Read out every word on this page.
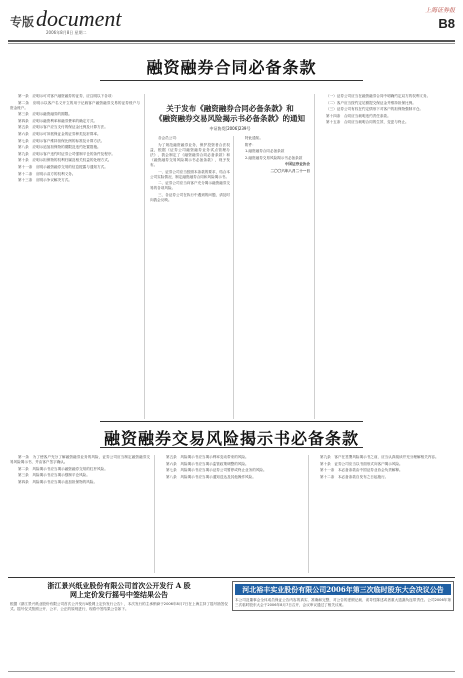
专版document
2006年8月8日 星期二
上海证券报
B8
融资融券合同必备条款

第一条　应明示可对客户融资融券的证券，应注明以下各项：

第二条　应明示以客户名义开立的用于记载客户融资融券交易的证券账户与资金账户。

第三条　应明示融资融券的期限。

第四条　应明示融资利率和融券费率的确定方式。

第五条　应明示客户应当支付的保证金比例及计算方法。

第六条　应明示可冲抵保证金的证券种类及折算率。

第七条　应明示客户维持担保比例的标准及计算方法。

第八条　应明示追加担保物的期限及违约处置措施。

第九条　应明示客户违约时证券公司强制平仓的条件及程序。

第十条　应明示担保物的权利归属及相关权益的处理方式。

第十一条　应明示融资融券交易的信息披露与通知方式。

第十二条　应明示双方的权利义务。

第十三条　应明示争议解决方式。

关于发布《融资融券合同必备条款》和
《融资融券交易风险揭示书必备条款》的通知
中证协发[2006]239号

各会员公司：

为了规范融资融券业务，保护投资者合法权益，根据《证券公司融资融券业务试点管理办法》，我会制定了《融资融券合同必备条款》和《融资融券交易风险揭示书必备条款》，现予发布。

一、证券公司应当按照本条款的要求，结合本公司实际情况，制定融资融券合同和风险揭示书。

二、证券公司应当向客户充分揭示融资融券交易的各项风险。

三、各证券公司在执行中遇到的问题，请及时向我会反映。

特此通知。

附件：

1.融资融券合同必备条款

2.融资融券交易风险揭示书必备条款

中国证券业协会

二〇〇六年八月二十一日

（一）证券公司应当在融资融券合同中明确约定双方的权利义务。

（二）客户应当按约定足额提交保证金并维持担保比例。

（三）证券公司有权在约定情形下对客户的担保物强制平仓。

第十四条　合同应当载明违约责任条款。

第十五条　合同应当载明合同的生效、变更与终止。

融资融券交易风险揭示书必备条款

第一条　为了使客户充分了解融资融券业务的风险，证券公司应当制定融资融券交易风险揭示书，并由客户签字确认。

第二条　风险揭示书应当揭示融资融券交易的杠杆风险。

第三条　风险揭示书应当揭示强制平仓风险。

第四条　风险揭示书应当揭示追加担保物的风险。

第五条　风险揭示书应当揭示利率变动带来的风险。

第六条　风险揭示书应当揭示监管政策调整的风险。

第七条　风险揭示书应当揭示证券公司暂停或终止业务的风险。

第八条　风险揭示书应当揭示通知送达及其他操作风险。

第九条　客户在签署风险揭示书之前，应当认真阅读并充分理解相关内容。

第十条　证券公司应当以书面形式向客户揭示风险。

第十一条　本必备条款由中国证券业协会负责解释。

第十二条　本必备条款自发布之日起施行。

浙江景兴纸业股份有限公司首次公开发行 A 股
网上定价发行摇号中签结果公告
根据《浙江景兴纸业股份有限公司首次公开发行A股网上定价发行公告》，本次发行的主承销商于2006年8月7日在上海主持了摇号抽签仪式。摇号仪式按照公开、公平、公正的原则进行，现将中签结果公告如下。
河北裕丰实业股份有限公司2006年第三次临时股东大会决议公告
本公司及董事会全体成员保证公告内容的真实、准确和完整，对公告的虚假记载、误导性陈述或者重大遗漏负连带责任。公司2006年第三次临时股东大会于2006年8月7日召开，会议审议通过了相关议案。
